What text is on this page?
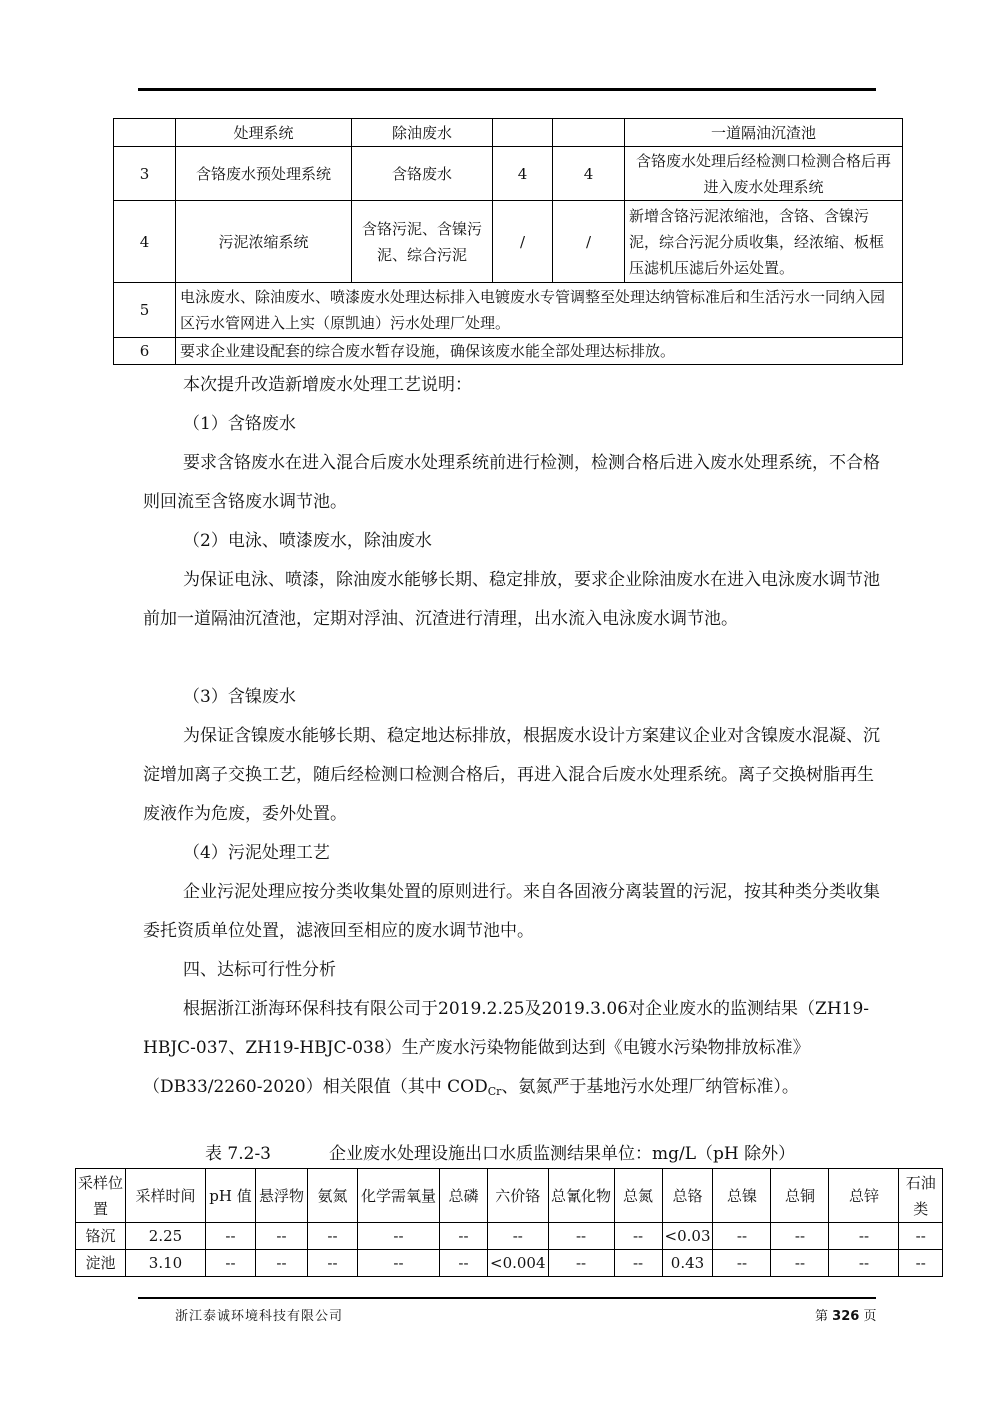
	处理系统	除油废水			一道隔油沉渣池
3	含铬废水预处理系统	含铬废水	4	4	含铬废水处理后经检测口检测合格后再进入废水处理系统
4	污泥浓缩系统	含铬污泥、含镍污泥、综合污泥	/	/	新增含铬污泥浓缩池，含铬、含镍污泥，综合污泥分质收集，经浓缩、板框压滤机压滤后外运处置。
5	电泳废水、除油废水、喷漆废水处理达标排入电镀废水专管调整至处理达纳管标准后和生活污水一同纳入园区污水管网进入上实（原凯迪）污水处理厂处理。				
6	要求企业建设配套的综合废水暂存设施，确保该废水能全部处理达标排放。				

本次提升改造新增废水处理工艺说明：

（1）含铬废水

要求含铬废水在进入混合后废水处理系统前进行检测，检测合格后进入废水处理系统，不合格则回流至含铬废水调节池。

（2）电泳、喷漆废水，除油废水

为保证电泳、喷漆，除油废水能够长期、稳定排放，要求企业除油废水在进入电泳废水调节池前加一道隔油沉渣池，定期对浮油、沉渣进行清理，出水流入电泳废水调节池。

（3）含镍废水

为保证含镍废水能够长期、稳定地达标排放，根据废水设计方案建议企业对含镍废水混凝、沉淀增加离子交换工艺，随后经检测口检测合格后，再进入混合后废水处理系统。离子交换树脂再生废液作为危废，委外处置。

（4）污泥处理工艺

企业污泥处理应按分类收集处置的原则进行。来自各固液分离装置的污泥，按其种类分类收集委托资质单位处置，滤液回至相应的废水调节池中。

四、达标可行性分析

根据浙江浙海环保科技有限公司于2019.2.25及2019.3.06对企业废水的监测结果（ZH19-HBJC-037、ZH19-HBJC-038）生产废水污染物能做到达到《电镀水污染物排放标准》（DB33/2260-2020）相关限值（其中 $COD_{Cr}$、氨氮严于基地污水处理厂纳管标准）。

表 7.2-3	企业废水处理设施出口水质监测结果单位：mg/L（pH 除外）
采样位置	采样时间	pH 值	悬浮物	氨氮	化学需氧量	总磷	六价铬	总氰化物	总氮	总铬	总镍	总铜	总锌	石油类
铬沉	2.25	--	--	--	--	--	--	--	--	<0.03	--	--	--	--
淀池	3.10	--	--	--	--	--	<0.004	--	--	0.43	--	--	--	--
浙江泰诚环境科技有限公司	第 326 页
